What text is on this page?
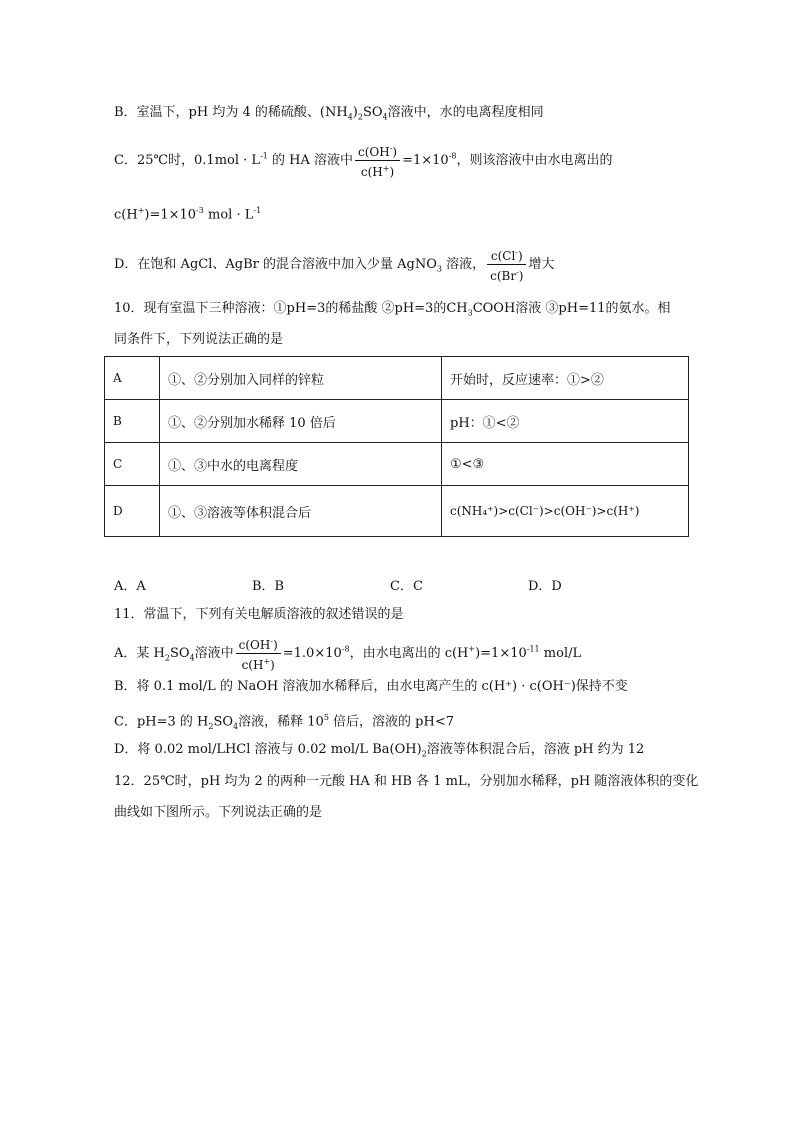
B．室温下，pH 均为 4 的稀硫酸、$(NH_4)_2SO_4$溶液中，水的电离程度相同
C．25℃时，$0.1mol \cdot L^{-1}$ 的 HA 溶液中 $\frac{c(OH^-)}{c(H^+)} =1\times 10^{-8}$，则该溶液中由水电离出的
$c(H^+)=1\times 10^{-3}$ mol · $L^{-1}$
D．在饱和 AgCl、AgBr 的混合溶液中加入少量 AgNO$_3$ 溶液， $\frac{c(Cl^-)}{c(Br^-)}$ 增大
10．现有室温下三种溶液：①pH=3的稀盐酸 ②pH=3的$CH_3COOH$溶液 ③pH=11的氨水。相
同条件下，下列说法正确的是
A	①、②分别加入同样的锌粒	开始时，反应速率：①>②
B	①、②分别加水稀释 10 倍后	pH：①<②
C	①、③中水的电离程度	①<③
D	①、③溶液等体积混合后	c(NH₄⁺)>c(Cl⁻)>c(OH⁻)>c(H⁺)
A．A	B．B	C．C	D．D
11．常温下，下列有关电解质溶液的叙述错误的是
A．某 $H_2SO_4$溶液中 $\frac{c(OH^-)}{c(H^+)} =1.0\times 10^{-8}$，由水电离出的 $c(H^+)=1\times 10^{-11}$ mol/L
B．将 0.1 mol/L 的 NaOH 溶液加水稀释后，由水电离产生的 c(H⁺) · c(OH⁻)保持不变
C．pH=3 的 $H_2SO_4$溶液，稀释 $10^5$ 倍后，溶液的 pH<7
D．将 0.02 mol/LHCl 溶液与 0.02 mol/L $Ba(OH)_2$溶液等体积混合后，溶液 pH 约为 12
12．25℃时，pH 均为 2 的两种一元酸 HA 和 HB 各 1 mL，分别加水稀释，pH 随溶液体积的变化
曲线如下图所示。下列说法正确的是
